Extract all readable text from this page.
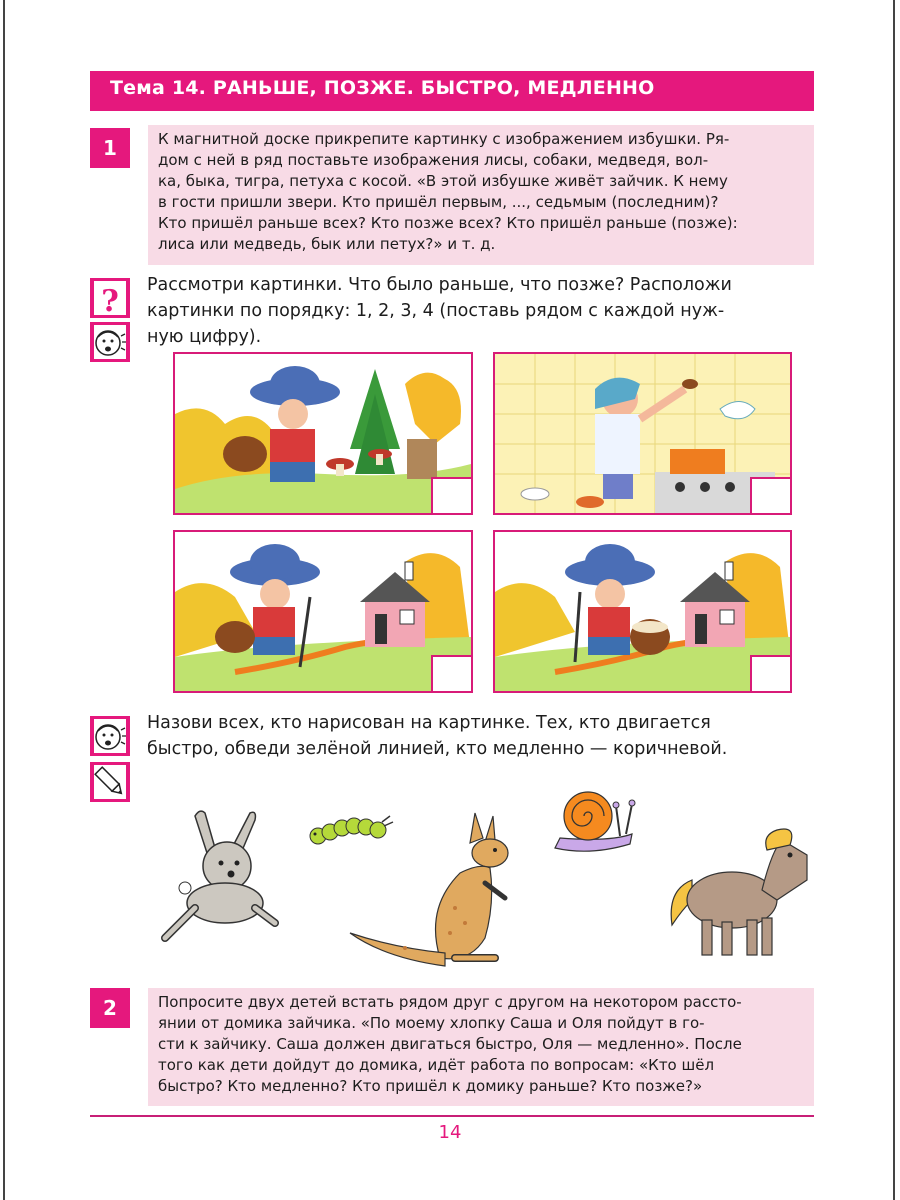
Тема 14. РАНЬШЕ, ПОЗЖЕ. БЫСТРО, МЕДЛЕННО
1	К магнитной доске прикрепите картинку с изображением избушки. Ря-
дом с ней в ряд поставьте изображения лисы, собаки, медведя, вол-
ка, быка, тигра, петуха с косой. «В этой избушке живёт зайчик. К нему
в гости пришли звери. Кто пришёл первым, ..., седьмым (последним)?
Кто пришёл раньше всех? Кто позже всех? Кто пришёл раньше (позже):
лиса или медведь, бык или петух?» и т. д.
? Рассмотри картинки. Что было раньше, что позже? Расположи
картинки по порядку: 1, 2, 3, 4 (поставь рядом с каждой нуж-
ную цифру).
Назови всех, кто нарисован на картинке. Тех, кто двигается
быстро, обведи зелёной линией, кто медленно — коричневой.
2	Попросите двух детей встать рядом друг с другом на некотором рассто-
янии от домика зайчика. «По моему хлопку Саша и Оля пойдут в го-
сти к зайчику. Саша должен двигаться быстро, Оля — медленно». После
того как дети дойдут до домика, идёт работа по вопросам: «Кто шёл
быстро? Кто медленно? Кто пришёл к домику раньше? Кто позже?»
14
